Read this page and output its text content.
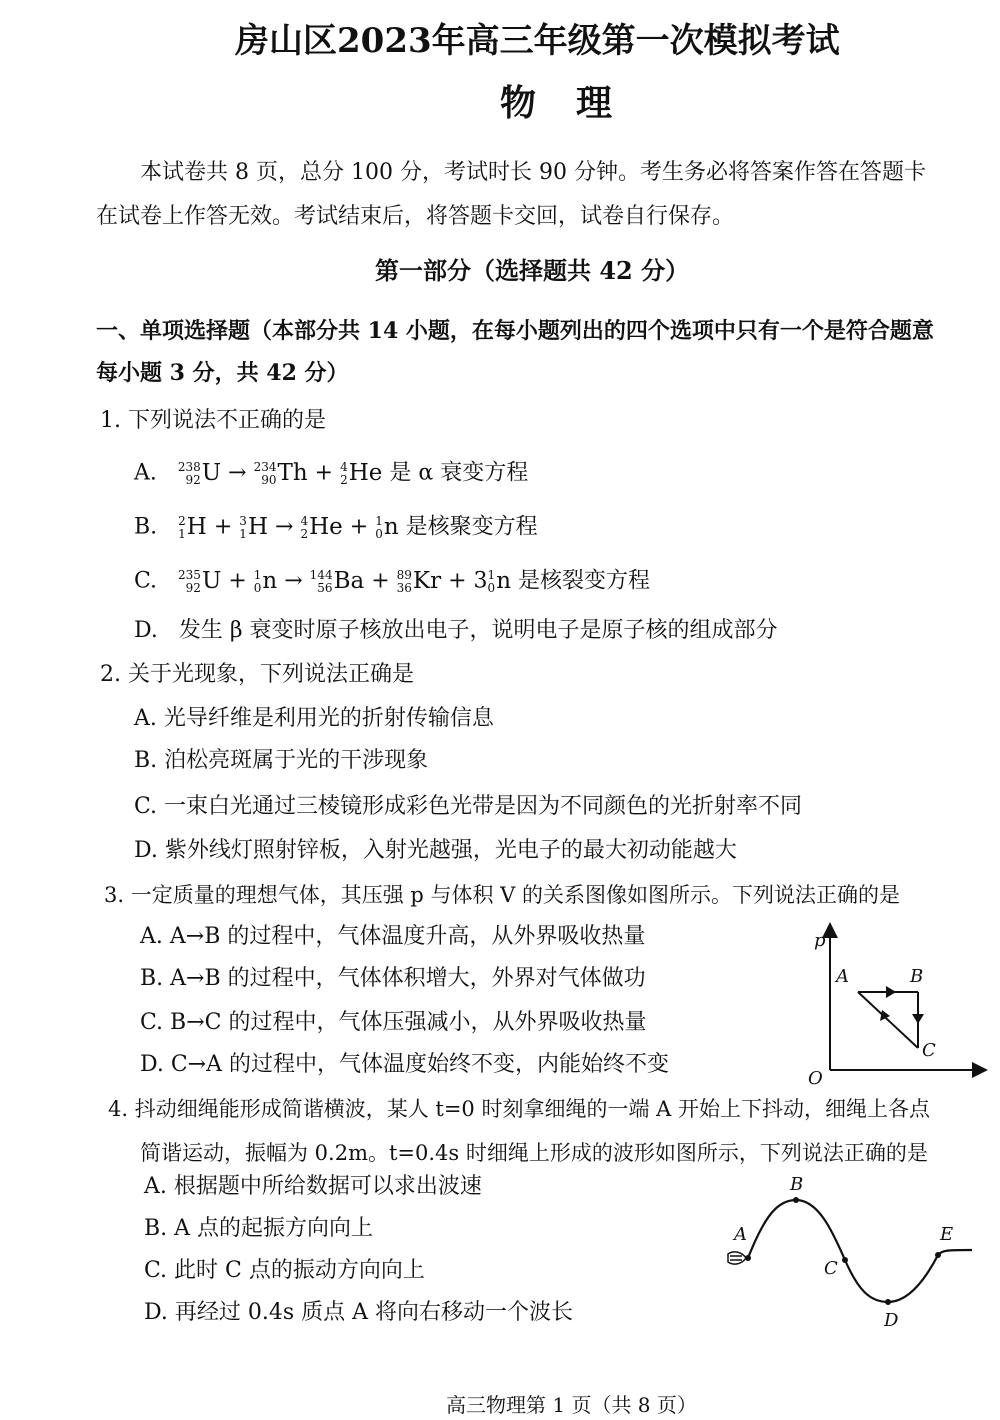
房山区2023年高三年级第一次模拟考试
物理
本试卷共 8 页，总分 100 分，考试时长 90 分钟。考生务必将答案作答在答题卡
在试卷上作答无效。考试结束后，将答题卡交回，试卷自行保存。
第一部分（选择题共 42 分）
一、单项选择题（本部分共 14 小题，在每小题列出的四个选项中只有一个是符合题意
每小题 3 分，共 42 分）
1. 下列说法不正确的是
A. 238
92 U → 234
90 Th + 4
2 He 是 α 衰变方程
B. 2
1 H + 3
1 H → 4
2 He + 1
0 n 是核聚变方程
C. 235
92 U + 1
0 n → 144
56 Ba + 89
36 Kr + 3 1
0 n 是核裂变方程
D. 发生 β 衰变时原子核放出电子，说明电子是原子核的组成部分
2. 关于光现象，下列说法正确是
A. 光导纤维是利用光的折射传输信息
B. 泊松亮斑属于光的干涉现象
C. 一束白光通过三棱镜形成彩色光带是因为不同颜色的光折射率不同
D. 紫外线灯照射锌板，入射光越强，光电子的最大初动能越大
3. 一定质量的理想气体，其压强 p 与体积 V 的关系图像如图所示。下列说法正确的是
A. A→B 的过程中，气体温度升高，从外界吸收热量
B. A→B 的过程中，气体体积增大，外界对气体做功
C. B→C 的过程中，气体压强减小，从外界吸收热量
D. C→A 的过程中，气体温度始终不变，内能始终不变
p
O
A	B
C
4. 抖动细绳能形成简谐横波，某人 t=0 时刻拿细绳的一端 A 开始上下抖动，细绳上各点
简谐运动，振幅为 0.2m。t=0.4s 时细绳上形成的波形如图所示，下列说法正确的是
A. 根据题中所给数据可以求出波速
B. A 点的起振方向向上
C. 此时 C 点的振动方向向上
D. 再经过 0.4s 质点 A 将向右移动一个波长
A
B
C
D
E
高三物理第 1 页（共 8 页）
